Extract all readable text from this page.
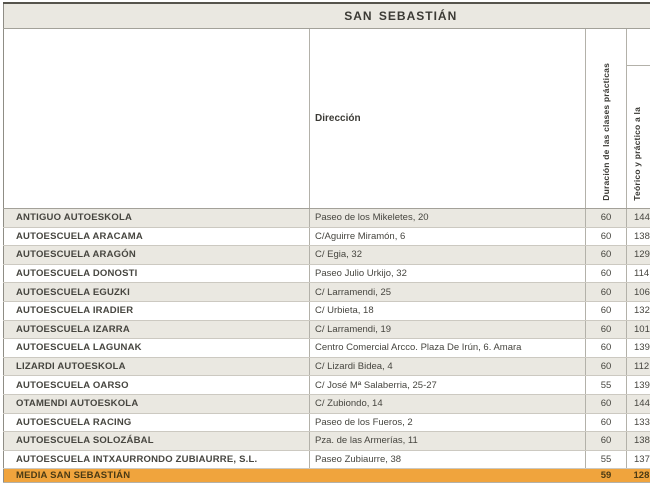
SAN SEBASTIÁN			
	Dirección	Duración de las clases prácticas	Teórico y práctico a la

ANTIGUO AUTOESKOLA	Paseo de los Mikeletes, 20	60	144
AUTOESCUELA ARACAMA	C/Aguirre Miramón, 6	60	138
AUTOESCUELA ARAGÓN	C/ Egia, 32	60	129
AUTOESCUELA DONOSTI	Paseo Julio Urkijo, 32	60	114
AUTOESCUELA EGUZKI	C/ Larramendi, 25	60	106
AUTOESCUELA IRADIER	C/ Urbieta, 18	60	132
AUTOESCUELA IZARRA	C/ Larramendi, 19	60	101
AUTOESCUELA LAGUNAK	Centro Comercial Arcco. Plaza De Irún, 6. Amara	60	139
LIZARDI AUTOESKOLA	C/ Lizardi Bidea, 4	60	112
AUTOESCUELA OARSO	C/ José Mª Salaberria, 25-27	55	139
OTAMENDI AUTOESKOLA	C/ Zubiondo, 14	60	144
AUTOESCUELA RACING	Paseo de los Fueros, 2	60	133
AUTOESCUELA SOLOZÁBAL	Pza. de las Armerías, 11	60	138
AUTOESCUELA INTXAURRONDO ZUBIAURRE, S.L.	Paseo Zubiaurre, 38	55	137
MEDIA SAN SEBASTIÁN		59	128
